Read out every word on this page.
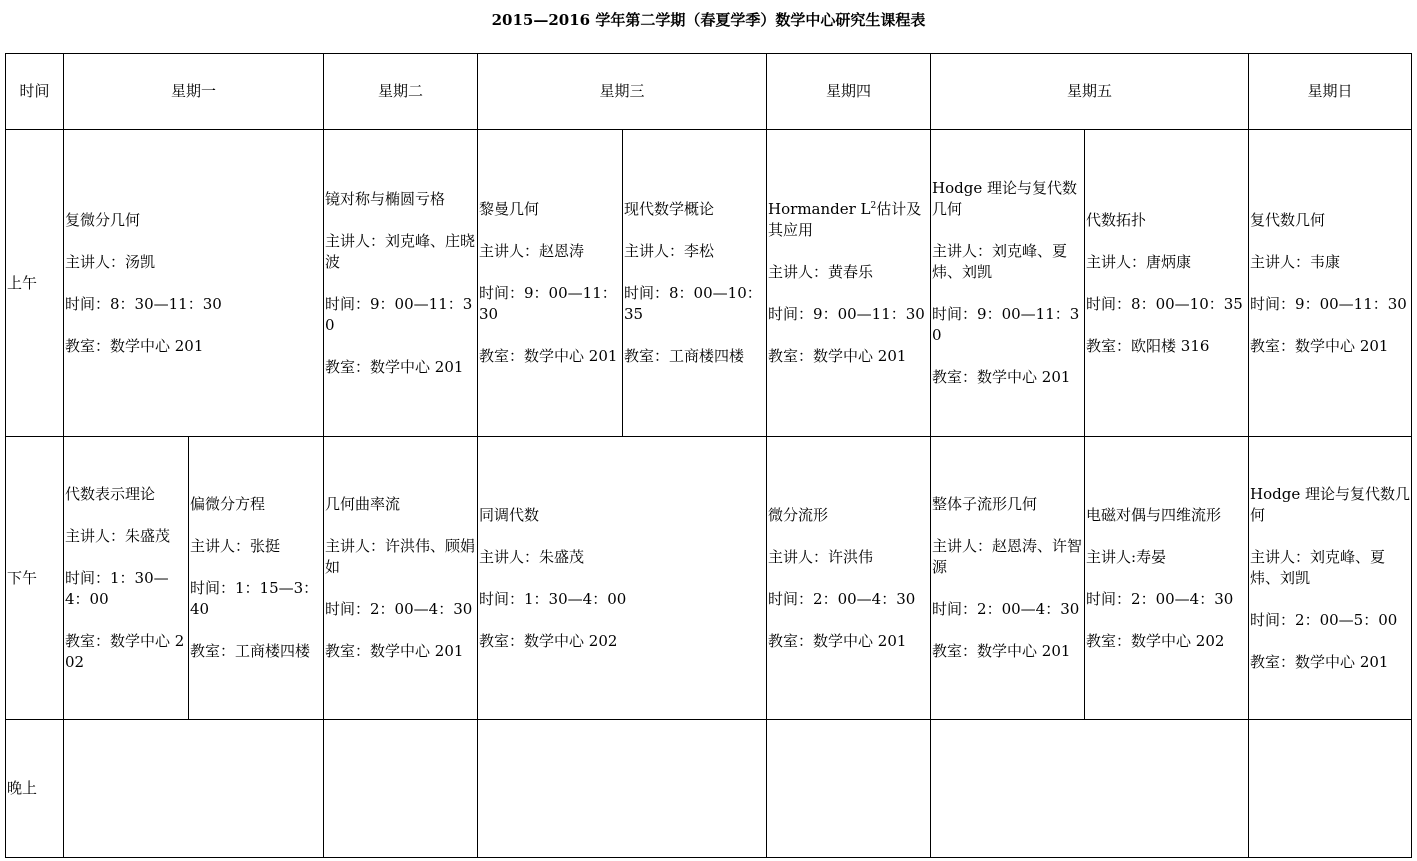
2015—2016 学年第二学期（春夏学季）数学中心研究生课程表
时间	星期一		星期二	星期三		星期四	星期五		星期日
上午	复微分几何
主讲人：汤凯
时间：8：30—11：30
教室：数学中心 201		镜对称与椭圆亏格
主讲人：刘克峰、庄晓波
时间：9：00—11：30
教室：数学中心 201	黎曼几何
主讲人：赵恩涛
时间：9：00—11：30
教室：数学中心 201	现代数学概论
主讲人：李松
时间：8：00—10：35
教室：工商楼四楼	Hormander $L^2$估计及其应用
主讲人：黄春乐
时间：9：00—11：30
教室：数学中心 201	Hodge 理论与复代数几何
主讲人：刘克峰、夏炜、刘凯
时间：9：00—11：30
教室：数学中心 201	代数拓扑
主讲人：唐炳康
时间：8：00—10：35
教室：欧阳楼 316	复代数几何
主讲人：韦康
时间：9：00—11：30
教室：数学中心 201

下午	代数表示理论
主讲人：朱盛茂
时间：1：30—4：00
教室：数学中心 202	偏微分方程
主讲人：张挺
时间：1：15—3：40
教室：工商楼四楼	几何曲率流
主讲人：许洪伟、顾娟如
时间：2：00—4：30
教室：数学中心 201	同调代数
主讲人：朱盛茂
时间：1：30—4：00
教室：数学中心 202		微分流形
主讲人：许洪伟
时间：2：00—4：30
教室：数学中心 201	整体子流形几何
主讲人：赵恩涛、许智源
时间：2：00—4：30
教室：数学中心 201	电磁对偶与四维流形
主讲人:寿晏
时间：2：00—4：30
教室：数学中心 202	Hodge 理论与复代数几何
主讲人：刘克峰、夏炜、刘凯
时间：2：00—5：00
教室：数学中心 201

晚上									
